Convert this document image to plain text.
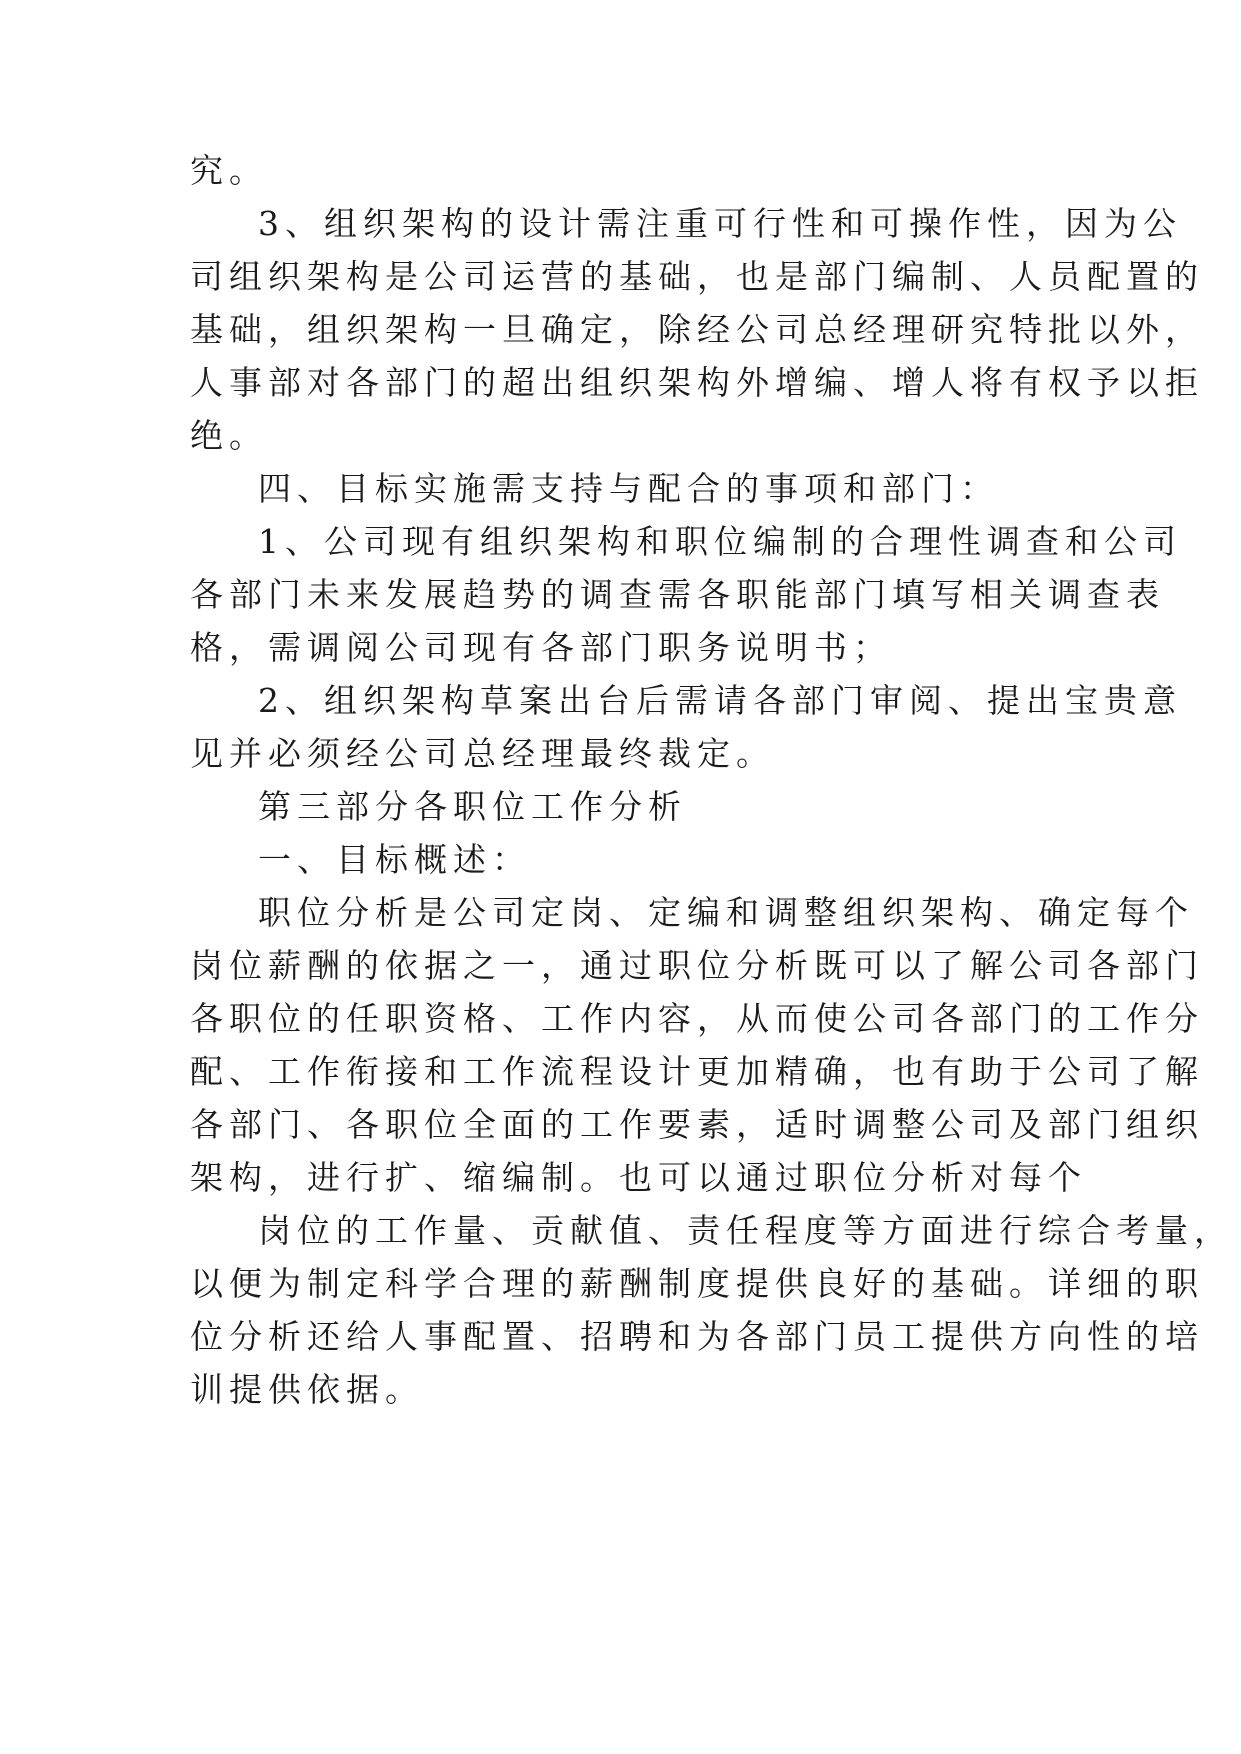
究。
3、组织架构的设计需注重可行性和可操作性，因为公
司组织架构是公司运营的基础，也是部门编制、人员配置的
基础，组织架构一旦确定，除经公司总经理研究特批以外，
人事部对各部门的超出组织架构外增编、增人将有权予以拒
绝。
四、目标实施需支持与配合的事项和部门：
1、公司现有组织架构和职位编制的合理性调查和公司
各部门未来发展趋势的调查需各职能部门填写相关调查表
格，需调阅公司现有各部门职务说明书；
2、组织架构草案出台后需请各部门审阅、提出宝贵意
见并必须经公司总经理最终裁定。
第三部分各职位工作分析
一、目标概述：
职位分析是公司定岗、定编和调整组织架构、确定每个
岗位薪酬的依据之一，通过职位分析既可以了解公司各部门
各职位的任职资格、工作内容，从而使公司各部门的工作分
配、工作衔接和工作流程设计更加精确，也有助于公司了解
各部门、各职位全面的工作要素，适时调整公司及部门组织
架构，进行扩、缩编制。也可以通过职位分析对每个
岗位的工作量、贡献值、责任程度等方面进行综合考量，
以便为制定科学合理的薪酬制度提供良好的基础。详细的职
位分析还给人事配置、招聘和为各部门员工提供方向性的培
训提供依据。
